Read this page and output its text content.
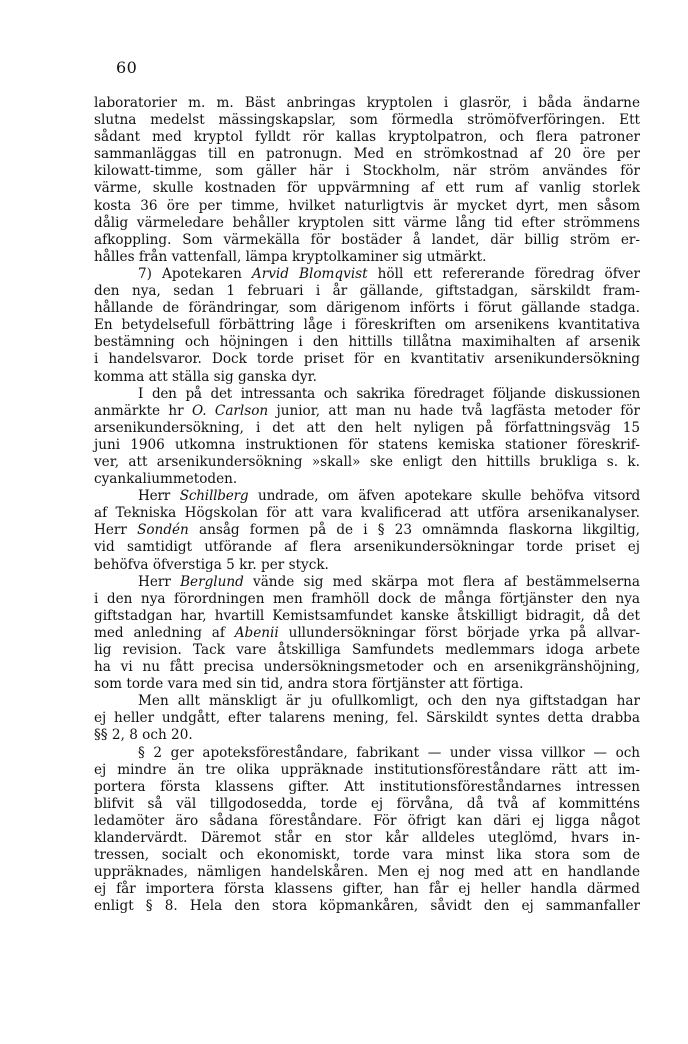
60
laboratorier m. m. Bäst anbringas kryptolen i glasrör, i båda ändarne
slutna medelst mässingskapslar, som förmedla strömöfverföringen. Ett
sådant med kryptol fylldt rör kallas kryptolpatron, och flera patroner
sammanläggas till en patronugn. Med en strömkostnad af 20 öre per
kilowatt-timme, som gäller här i Stockholm, när ström användes för
värme, skulle kostnaden för uppvärmning af ett rum af vanlig storlek
kosta 36 öre per timme, hvilket naturligtvis är mycket dyrt, men såsom
dålig värmeledare behåller kryptolen sitt värme lång tid efter strömmens
afkoppling. Som värmekälla för bostäder å landet, där billig ström er-
hålles från vattenfall, lämpa kryptolkaminer sig utmärkt.
7) Apotekaren Arvid Blomqvist höll ett refererande föredrag öfver
den nya, sedan 1 februari i år gällande, giftstadgan, särskildt fram-
hållande de förändringar, som därigenom införts i förut gällande stadga.
En betydelsefull förbättring låge i föreskriften om arsenikens kvantitativa
bestämning och höjningen i den hittills tillåtna maximihalten af arsenik
i handelsvaror. Dock torde priset för en kvantitativ arsenikundersökning
komma att ställa sig ganska dyr.
I den på det intressanta och sakrika föredraget följande diskussionen
anmärkte hr O. Carlson junior, att man nu hade två lagfästa metoder för
arsenikundersökning, i det att den helt nyligen på författningsväg 15
juni 1906 utkomna instruktionen för statens kemiska stationer föreskrif-
ver, att arsenikundersökning »skall» ske enligt den hittills brukliga s. k.
cyankaliummetoden.
Herr Schillberg undrade, om äfven apotekare skulle behöfva vitsord
af Tekniska Högskolan för att vara kvalificerad att utföra arsenikanalyser.
Herr Sondén ansåg formen på de i § 23 omnämnda flaskorna likgiltig,
vid samtidigt utförande af flera arsenikundersökningar torde priset ej
behöfva öfverstiga 5 kr. per styck.
Herr Berglund vände sig med skärpa mot flera af bestämmelserna
i den nya förordningen men framhöll dock de många förtjänster den nya
giftstadgan har, hvartill Kemistsamfundet kanske åtskilligt bidragit, då det
med anledning af Abenii ullundersökningar först började yrka på allvar-
lig revision. Tack vare åtskilliga Samfundets medlemmars idoga arbete
ha vi nu fått precisa undersökningsmetoder och en arsenikgränshöjning,
som torde vara med sin tid, andra stora förtjänster att förtiga.
Men allt mänskligt är ju ofullkomligt, och den nya giftstadgan har
ej heller undgått, efter talarens mening, fel. Särskildt syntes detta drabba
§§ 2, 8 och 20.
§ 2 ger apoteksföreståndare, fabrikant — under vissa villkor — och
ej mindre än tre olika uppräknade institutionsföreståndare rätt att im-
portera första klassens gifter. Att institutionsföreståndarnes intressen
blifvit så väl tillgodosedda, torde ej förvåna, då två af kommitténs
ledamöter äro sådana föreståndare. För öfrigt kan däri ej ligga något
klandervärdt. Däremot står en stor kår alldeles uteglömd, hvars in-
tressen, socialt och ekonomiskt, torde vara minst lika stora som de
uppräknades, nämligen handelskåren. Men ej nog med att en handlande
ej får importera första klassens gifter, han får ej heller handla därmed
enligt § 8. Hela den stora köpmankåren, såvidt den ej sammanfaller
